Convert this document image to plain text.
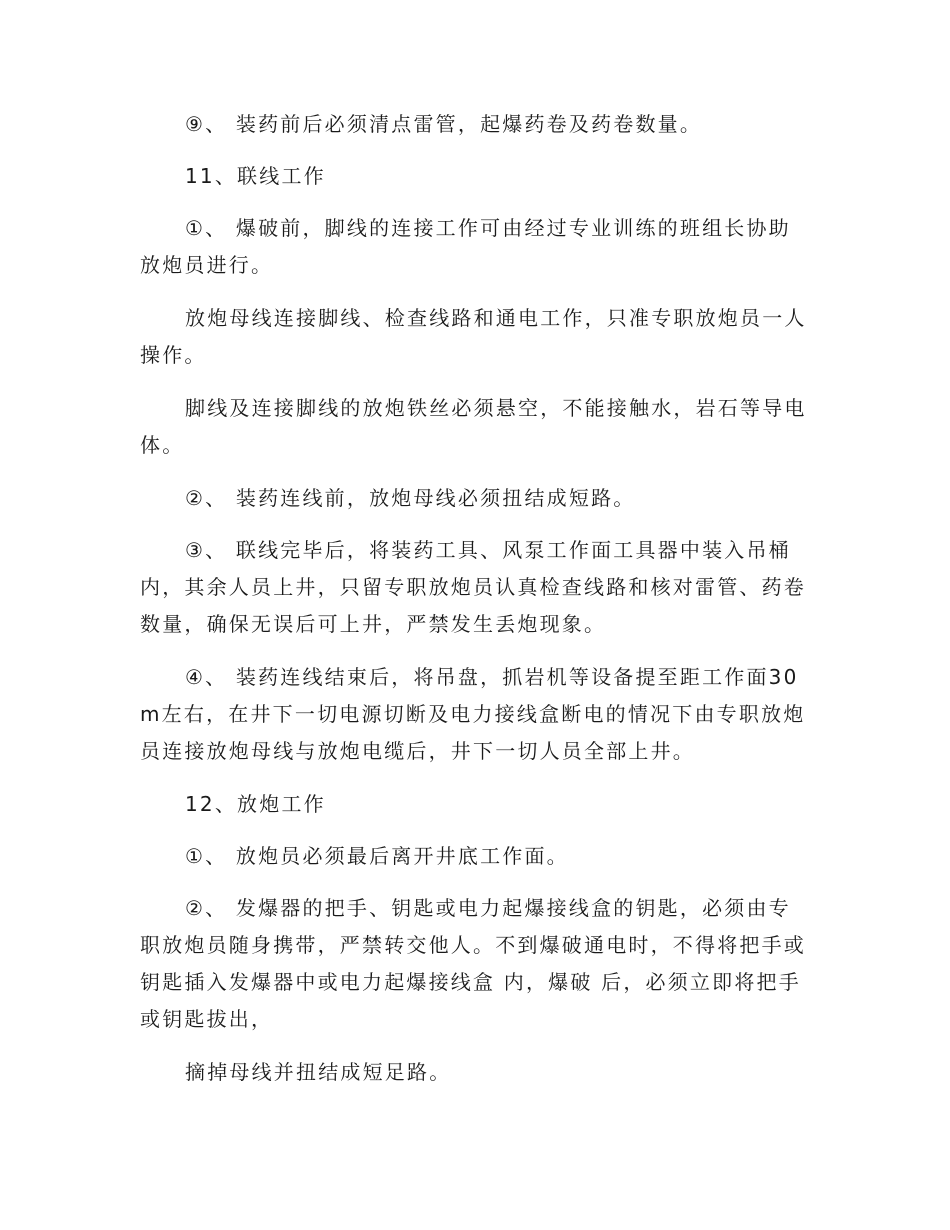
⑨、 装药前后必须清点雷管，起爆药卷及药卷数量。

11、联线工作

①、 爆破前，脚线的连接工作可由经过专业训练的班组长协助放炮员进行。

放炮母线连接脚线、检查线路和通电工作，只准专职放炮员一人操作。

脚线及连接脚线的放炮铁丝必须悬空，不能接触水，岩石等导电体。

②、 装药连线前，放炮母线必须扭结成短路。

③、 联线完毕后，将装药工具、风泵工作面工具器中装入吊桶内，其余人员上井，只留专职放炮员认真检查线路和核对雷管、药卷数量，确保无误后可上井，严禁发生丢炮现象。

④、 装药连线结束后，将吊盘，抓岩机等设备提至距工作面30m左右，在井下一切电源切断及电力接线盒断电的情况下由专职放炮员连接放炮母线与放炮电缆后，井下一切人员全部上井。

12、放炮工作

①、 放炮员必须最后离开井底工作面。

②、 发爆器的把手、钥匙或电力起爆接线盒的钥匙，必须由专职放炮员随身携带，严禁转交他人。不到爆破通电时，不得将把手或钥匙插入发爆器中或电力起爆接线盒 内，爆破 后，必须立即将把手或钥匙拔出，

摘掉母线并扭结成短足路。
